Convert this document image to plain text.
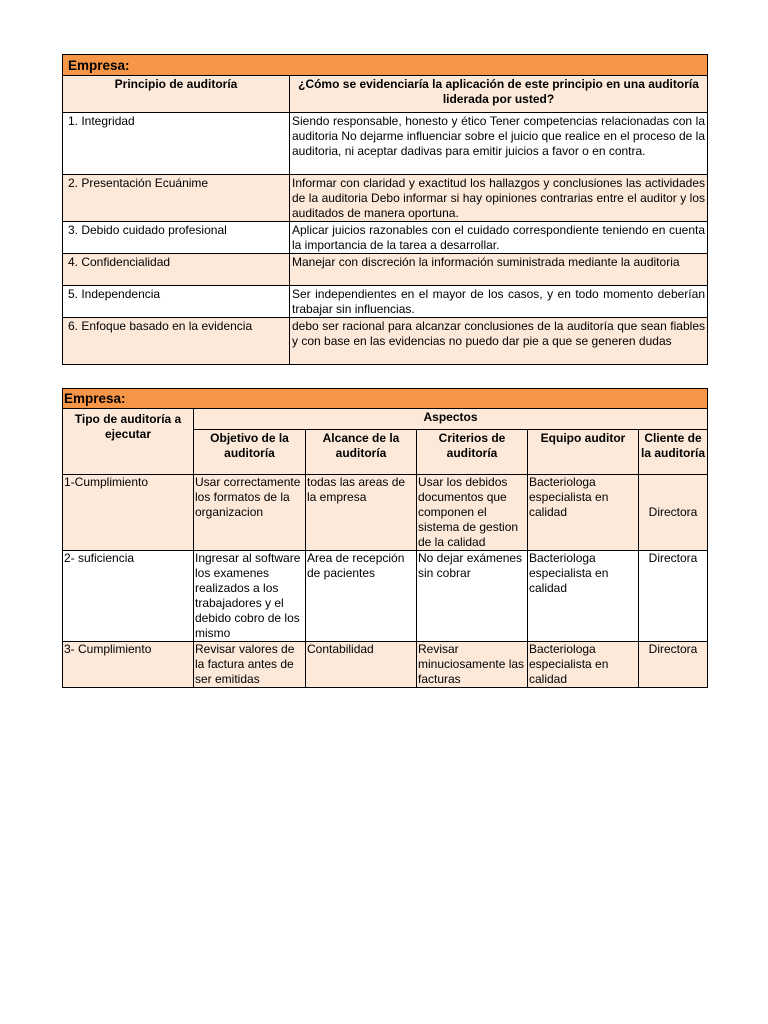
Empresa:	
Principio de auditoría	¿Cómo se evidenciaría la aplicación de este principio en una auditoría liderada por usted?
1. Integridad	Siendo responsable, honesto y ético Tener competencias relacionadas con la auditoria No dejarme influenciar sobre el juicio que realice en el proceso de la auditoria, ni aceptar dadivas para emitir juicios a favor o en contra.
2. Presentación Ecuánime	Informar con claridad y exactitud los hallazgos y conclusiones las actividades de la auditoria Debo informar si hay opiniones contrarias entre el auditor y los auditados de manera oportuna.
3. Debido cuidado profesional	Aplicar juicios razonables con el cuidado correspondiente teniendo en cuenta la importancia de la tarea a desarrollar.
4. Confidencialidad	Manejar con discreción la información suministrada mediante la auditoria
5. Independencia	Ser independientes en el mayor de los casos, y en todo momento deberían trabajar sin influencias.
6. Enfoque basado en la evidencia	debo ser racional para alcanzar conclusiones de la auditoría que sean fiables y con base en las evidencias no puedo dar pie a que se generen dudas
Empresa:					
Tipo de auditoría a ejecutar	Aspectos				
	Objetivo de la auditoría	Alcance de la auditoría	Criterios de auditoría	Equipo auditor	Cliente de la auditoría
1-Cumplimiento	Usar correctamente los formatos de la organizacion	todas las areas de la empresa	Usar los debidos documentos que componen el sistema de gestion de la calidad	Bacteriologa especialista en calidad	Directora
2- suficiencia	Ingresar al software los examenes realizados a los trabajadores y el debido cobro de los mismo	Area de recepción de pacientes	No dejar exámenes sin cobrar	Bacteriologa especialista en calidad	Directora
3- Cumplimiento	Revisar valores de la factura antes de ser emitidas	Contabilidad	Revisar minuciosamente las facturas	Bacteriologa especialista en calidad	Directora
